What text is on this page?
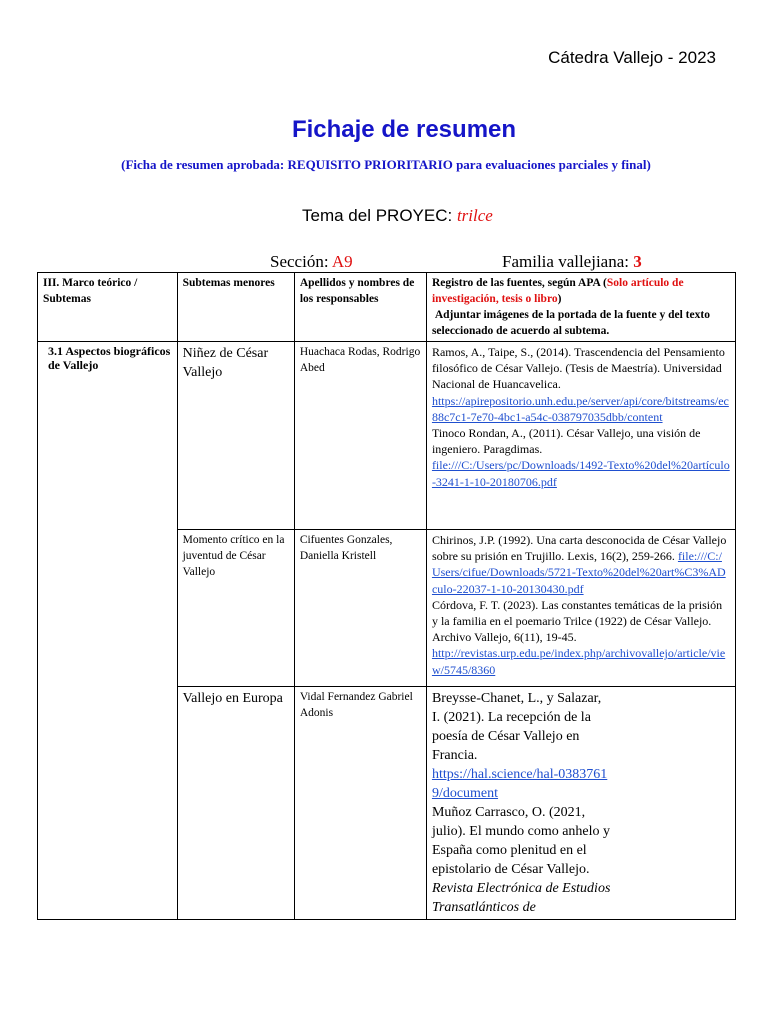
Cátedra Vallejo - 2023
Fichaje de resumen
(Ficha de resumen aprobada: REQUISITO PRIORITARIO para evaluaciones parciales y final)
Tema del PROYEC: trilce
Sección: A9	Familia vallejiana: 3
III. Marco teórico / Subtemas	Subtemas menores	Apellidos y nombres de los responsables	Registro de las fuentes, según APA (Solo artículo de investigación, tesis o libro)
Adjuntar imágenes de la portada de la fuente y del texto seleccionado de acuerdo al subtema.
3.1 Aspectos biográficos de Vallejo	Niñez de César Vallejo	Huachaca Rodas, Rodrigo Abed	Ramos, A., Taipe, S., (2014). Trascendencia del Pensamiento filosófico de César Vallejo. (Tesis de Maestría). Universidad Nacional de Huancavelica.
https://apirepositorio.unh.edu.pe/server/api/core/bitstreams/ec88c7c1-7e70-4bc1-a54c-038797035dbb/content
Tinoco Rondan, A., (2011). César Vallejo, una visión de ingeniero. Paragdimas.
file:///C:/Users/pc/Downloads/1492-Texto%20del%20artículo-3241-1-10-20180706.pdf

	Momento crítico en la juventud de César Vallejo	Cifuentes Gonzales, Daniella Kristell	Chirinos, J.P. (1992). Una carta desconocida de César Vallejo sobre su prisión en Trujillo. Lexis, 16(2), 259-266. file:///C:/Users/cifue/Downloads/5721-Texto%20del%20art%C3%ADculo-22037-1-10-20130430.pdf
Córdova, F. T. (2023). Las constantes temáticas de la prisión y la familia en el poemario Trilce (1922) de César Vallejo. Archivo Vallejo, 6(11), 19-45.
http://revistas.urp.edu.pe/index.php/archivovallejo/article/view/5745/8360

	Vallejo en Europa	Vidal Fernandez Gabriel Adonis	Breysse-Chanet, L., y Salazar, I. (2021). La recepción de la poesía de César Vallejo en Francia.
https://hal.science/hal-03837619/document
Muñoz Carrasco, O. (2021, julio). El mundo como anhelo y España como plenitud en el epistolario de César Vallejo.
Revista Electrónica de Estudios Transatlánticos de
